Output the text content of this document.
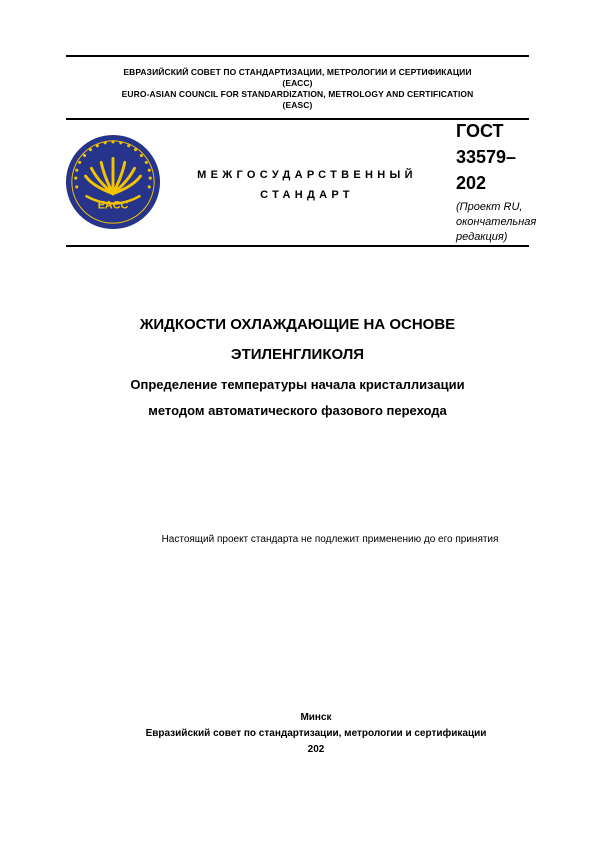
ЕВРАЗИЙСКИЙ СОВЕТ ПО СТАНДАРТИЗАЦИИ, МЕТРОЛОГИИ И СЕРТИФИКАЦИИ
(ЕАСС)
EURO-ASIAN COUNCIL FOR STANDARDIZATION, METROLOGY AND CERTIFICATION
(EASC)
EACC
МЕЖГОСУДАРСТВЕННЫЙ
СТАНДАРТ
ГОСТ
33579–
202
(Проект RU,
окончательная
редакция)
ЖИДКОСТИ ОХЛАЖДАЮЩИЕ НА ОСНОВЕ
ЭТИЛЕНГЛИКОЛЯ
Определение температуры начала кристаллизации
методом автоматического фазового перехода
Настоящий проект стандарта не подлежит применению до его принятия
Минск
Евразийский совет по стандартизации, метрологии и сертификации
202
